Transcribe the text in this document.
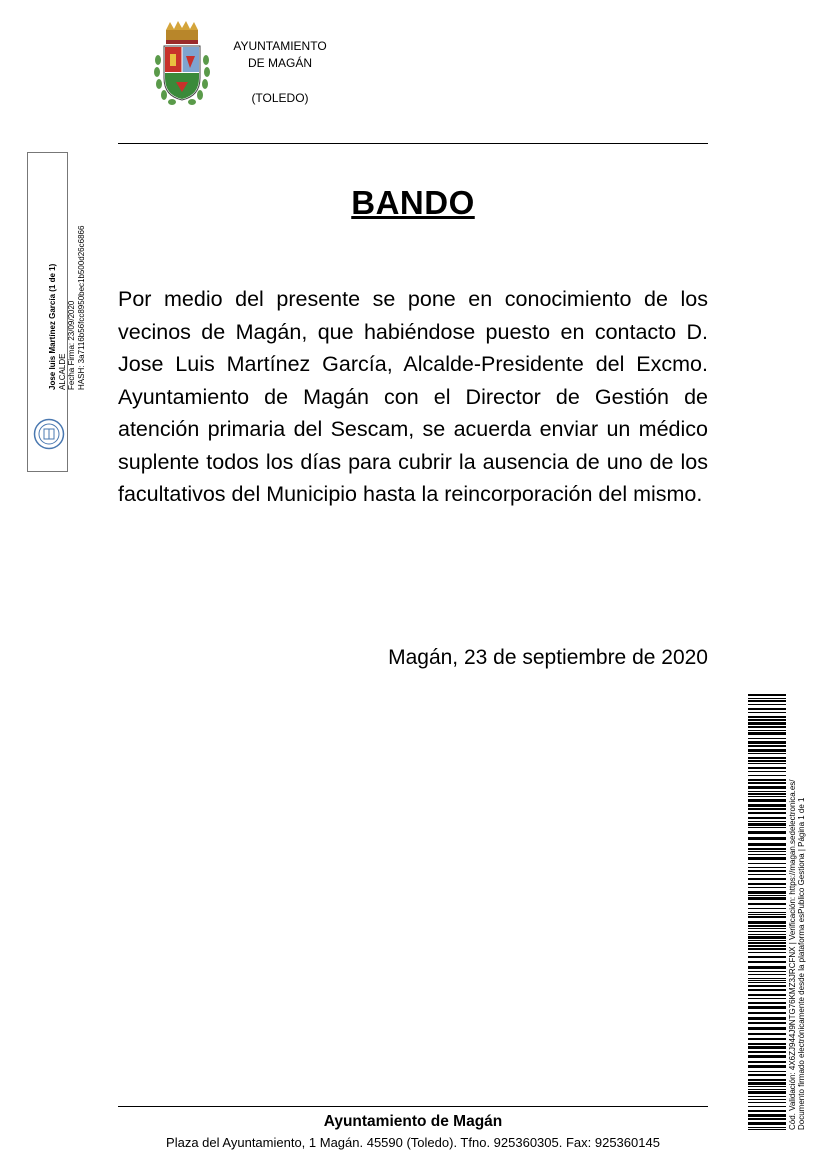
AYUNTAMIENTO
DE MAGÁN
(TOLEDO)
Jose luis Martínez García (1 de 1) ALCALDE Fecha Firma: 23/09/2020 HASH: 3a7116b56fcc8950bec1b500d26c6866
BANDO
Por medio del presente se pone en conocimiento de los vecinos de Magán, que habiéndose puesto en contacto D. Jose Luis Martínez García, Alcalde-Presidente del Excmo. Ayuntamiento de Magán con el Director de Gestión de atención primaria del Sescam, se acuerda enviar un médico suplente todos los días para cubrir la ausencia de uno de los facultativos del Municipio hasta la reincorporación del mismo.
Magán, 23 de septiembre de 2020
Cód. Validación: 4X6ZJ944J9NTG76KMZ3JRCFNX | Verificación: https://magan.sedelectronica.es/ Documento firmado electrónicamente desde la plataforma esPublico Gestiona | Página 1 de 1
Ayuntamiento de Magán
Plaza del Ayuntamiento, 1 Magán. 45590 (Toledo). Tfno. 925360305. Fax: 925360145
